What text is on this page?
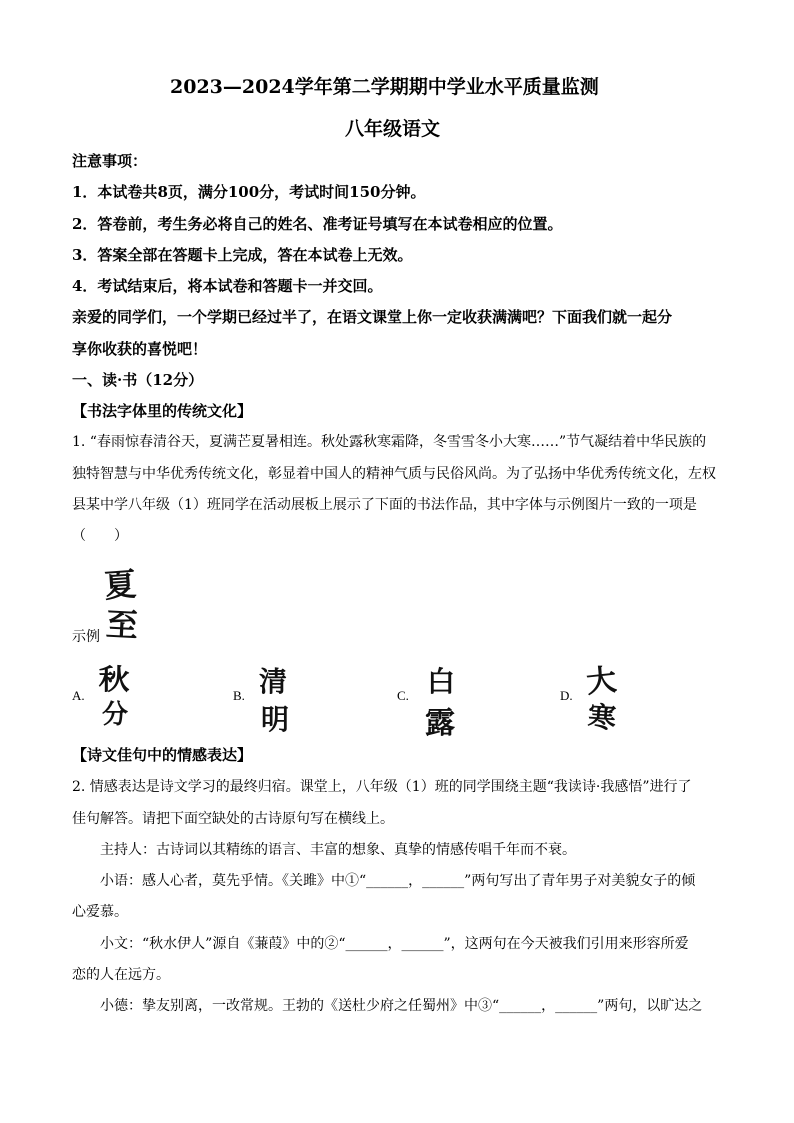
2023—2024学年第二学期期中学业水平质量监测
八年级语文
注意事项：
1．本试卷共8页，满分100分，考试时间150分钟。
2．答卷前，考生务必将自己的姓名、准考证号填写在本试卷相应的位置。
3．答案全部在答题卡上完成，答在本试卷上无效。
4．考试结束后，将本试卷和答题卡一并交回。
亲爱的同学们，一个学期已经过半了，在语文课堂上你一定收获满满吧？下面我们就一起分
享你收获的喜悦吧！
一、读·书（12分）
【书法字体里的传统文化】
1. “春雨惊春清谷天，夏满芒夏暑相连。秋处露秋寒霜降，冬雪雪冬小大寒……”节气凝结着中华民族的
独特智慧与中华优秀传统文化，彰显着中国人的精神气质与民俗风尚。为了弘扬中华优秀传统文化，左权
县某中学八年级（1）班同学在活动展板上展示了下面的书法作品，其中字体与示例图片一致的一项是
（　　）
示例
夏
至
A. 秋
分
B. 清
明
C. 白
露
D. 大
寒
【诗文佳句中的情感表达】
2. 情感表达是诗文学习的最终归宿。课堂上，八年级（1）班的同学围绕主题“我读诗·我感悟”进行了
佳句解答。请把下面空缺处的古诗原句写在横线上。
主持人：古诗词以其精练的语言、丰富的想象、真挚的情感传唱千年而不衰。
小语：感人心者，莫先乎情。《关雎》中①“______，______”两句写出了青年男子对美貌女子的倾
心爱慕。
小文：“秋水伊人”源自《蒹葭》中的②“______，______”，这两句在今天被我们引用来形容所爱
恋的人在远方。
小德：挚友别离，一改常规。王勃的《送杜少府之任蜀州》中③“______，______”两句，以旷达之
